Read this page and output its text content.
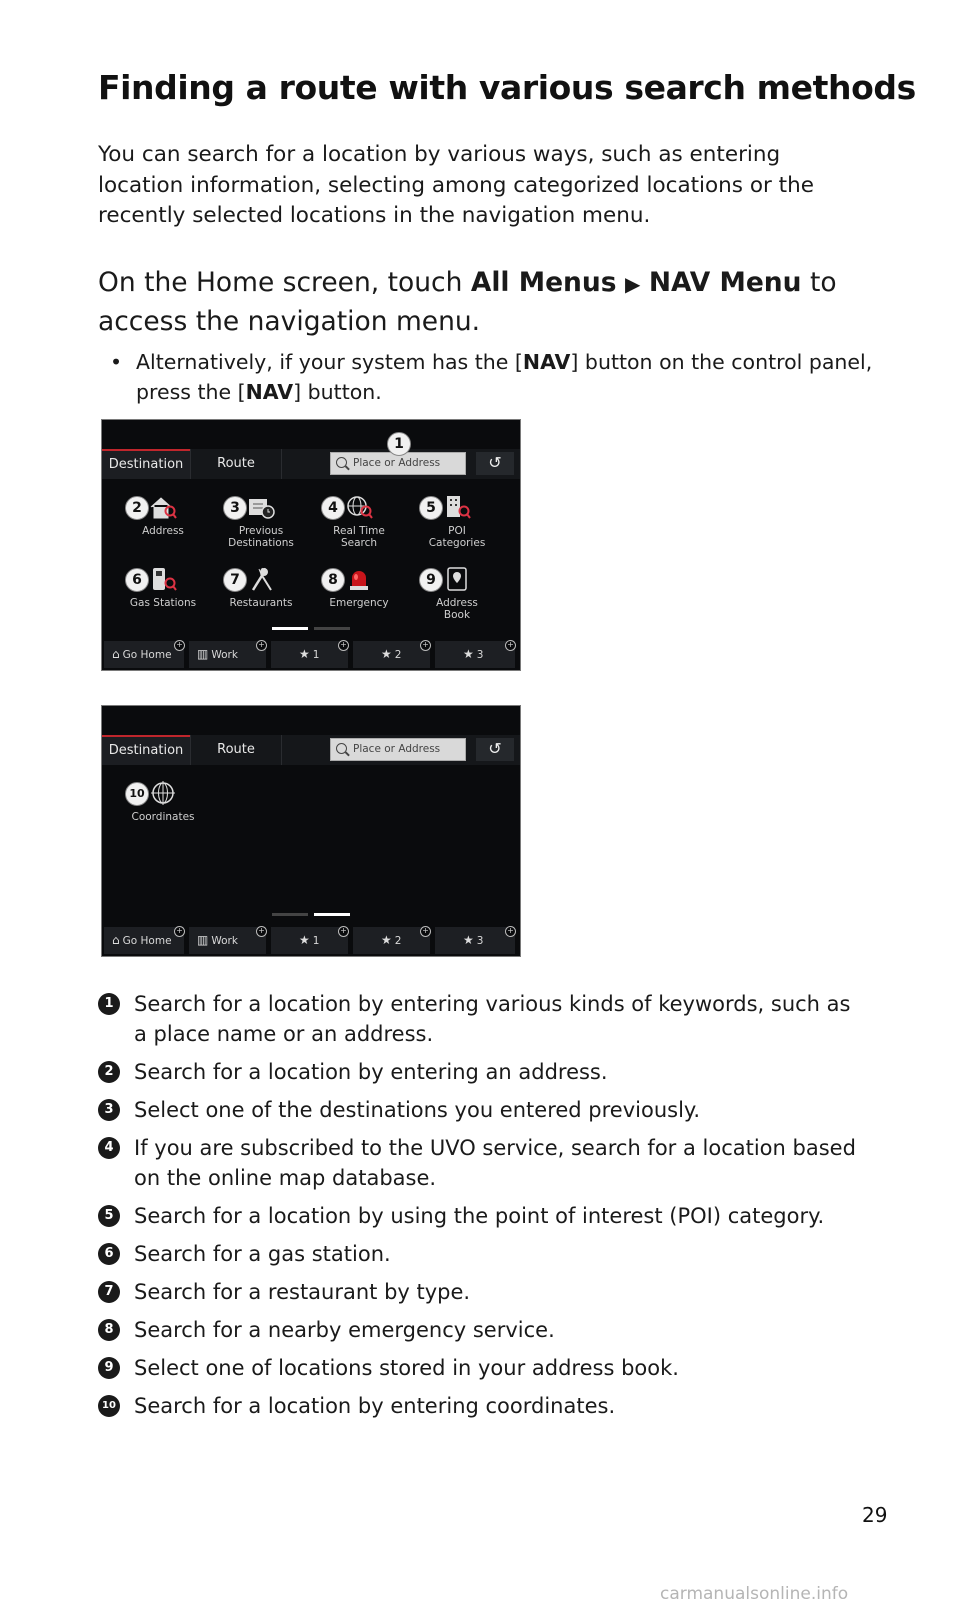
Finding a route with various search methods

You can search for a location by various ways, such as entering location information, selecting among categorized locations or the recently selected locations in the navigation menu.

On the Home screen, touch All Menus ▶ NAV Menu to
access the navigation menu.

• Alternatively, if your system has the [NAV] button on the control panel, press the [NAV] button.

Destination	Route	Place or Address
1
↺
2
Address
3
Previous
Destinations
4
Real Time
Search
5
POI
Categories
6
Gas Stations
7
Restaurants
8
Emergency
9
Address
Book
⌂ Go Home
+
▥ Work
+
★ 1
+
★ 2
+
★ 3
+
Destination	Route	Place or Address	↺
10
Coordinates
⌂ Go Home
+
▥ Work
+
★ 1
+
★ 2
+
★ 3
+
1 Search for a location by entering various kinds of keywords, such as a place name or an address.
2 Search for a location by entering an address.
3 Select one of the destinations you entered previously.
4 If you are subscribed to the UVO service, search for a location based on the online map database.
5 Search for a location by using the point of interest (POI) category.
6 Search for a gas station.
7 Search for a restaurant by type.
8 Search for a nearby emergency service.
9 Select one of locations stored in your address book.
10 Search for a location by entering coordinates.
29
carmanualsonline.info
